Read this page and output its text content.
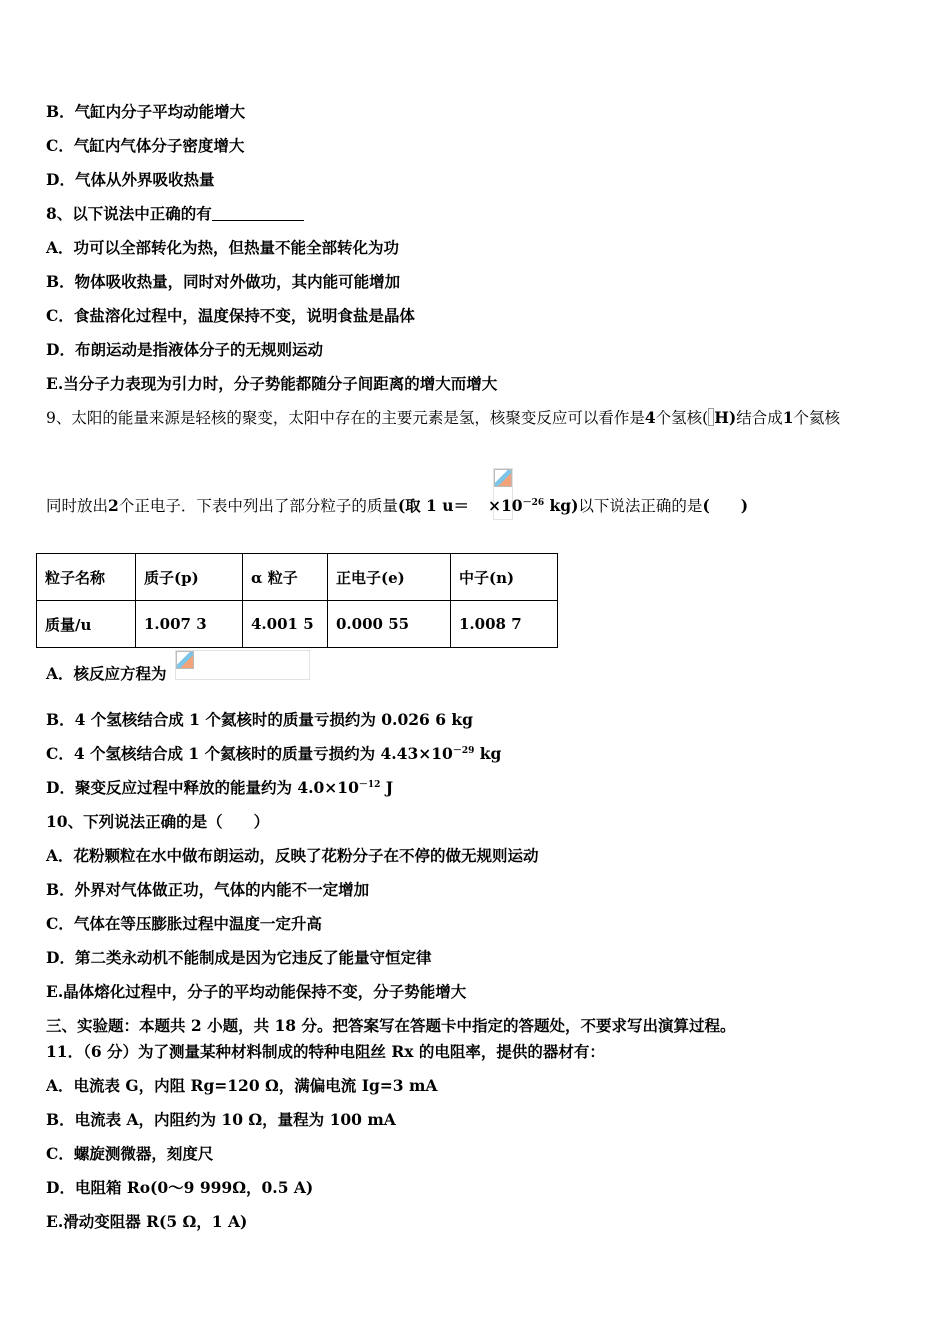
B．气缸内分子平均动能增大
C．气缸内气体分子密度增大
D．气体从外界吸收热量
8、以下说法中正确的有
A．功可以全部转化为热，但热量不能全部转化为功
B．物体吸收热量，同时对外做功，其内能可能增加
C．食盐溶化过程中，温度保持不变，说明食盐是晶体
D．布朗运动是指液体分子的无规则运动
E.当分子力表现为引力时，分子势能都随分子间距离的增大而增大
9、太阳的能量来源是轻核的聚变，太阳中存在的主要元素是氢，核聚变反应可以看作是4个氢核( H)结合成1个氦核
同时放出2个正电子．下表中列出了部分粒子的质量(取 1 $u= \times 10^{-26}$ kg)以下说法正确的是(　　)
粒子名称	质子(p)	α 粒子	正电子(e)	中子(n)
质量/u	1.007 3	4.001 5	0.000 55	1.008 7
A．核反应方程为
B．4 个氢核结合成 1 个氦核时的质量亏损约为 0.026 6 kg
C．4 个氢核结合成 1 个氦核时的质量亏损约为 $4.43\times 10^{-29}$ kg
D．聚变反应过程中释放的能量约为 $4.0\times 10^{-12}$ J
10、下列说法正确的是（　　）
A．花粉颗粒在水中做布朗运动，反映了花粉分子在不停的做无规则运动
B．外界对气体做正功，气体的内能不一定增加
C．气体在等压膨胀过程中温度一定升高
D．第二类永动机不能制成是因为它违反了能量守恒定律
E.晶体熔化过程中，分子的平均动能保持不变，分子势能增大
三、实验题：本题共 2 小题，共 18 分。把答案写在答题卡中指定的答题处，不要求写出演算过程。
11．（6 分）为了测量某种材料制成的特种电阻丝 Rx 的电阻率，提供的器材有：
A．电流表 G，内阻 Rg=120 Ω，满偏电流 Ig=3 mA
B．电流表 A，内阻约为 10 Ω，量程为 100 mA
C．螺旋测微器，刻度尺
D．电阻箱 Ro(0～9 999Ω，0.5 A)
E.滑动变阻器 R(5 Ω，1 A)
